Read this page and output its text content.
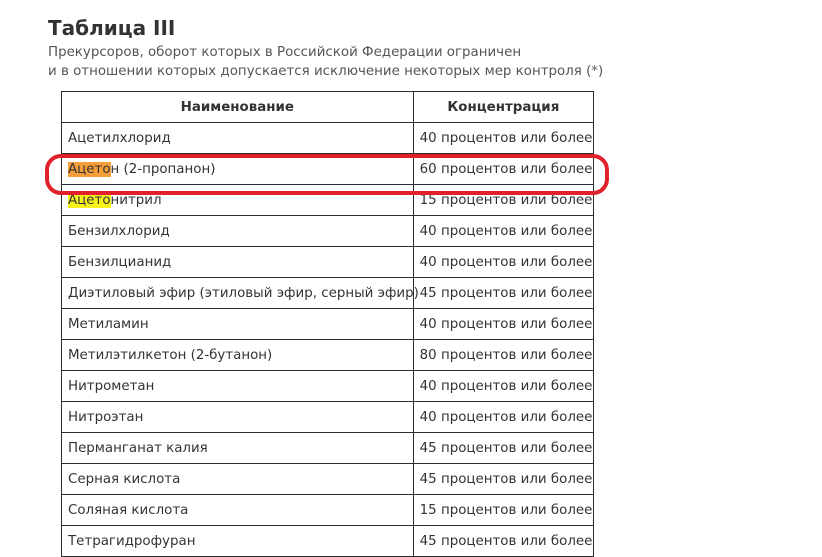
Таблица III
Прекурсоров, оборот которых в Российской Федерации ограничен
и в отношении которых допускается исключение некоторых мер контроля (*)
Наименование	Концентрация
Ацетилхлорид	40 процентов или более
Ацетон (2-пропанон)	60 процентов или более
Ацетонитрил	15 процентов или более
Бензилхлорид	40 процентов или более
Бензилцианид	40 процентов или более
Диэтиловый эфир (этиловый эфир, серный эфир)	45 процентов или более
Метиламин	40 процентов или более
Метилэтилкетон (2-бутанон)	80 процентов или более
Нитрометан	40 процентов или более
Нитроэтан	40 процентов или более
Перманганат калия	45 процентов или более
Серная кислота	45 процентов или более
Соляная кислота	15 процентов или более
Тетрагидрофуран	45 процентов или более
